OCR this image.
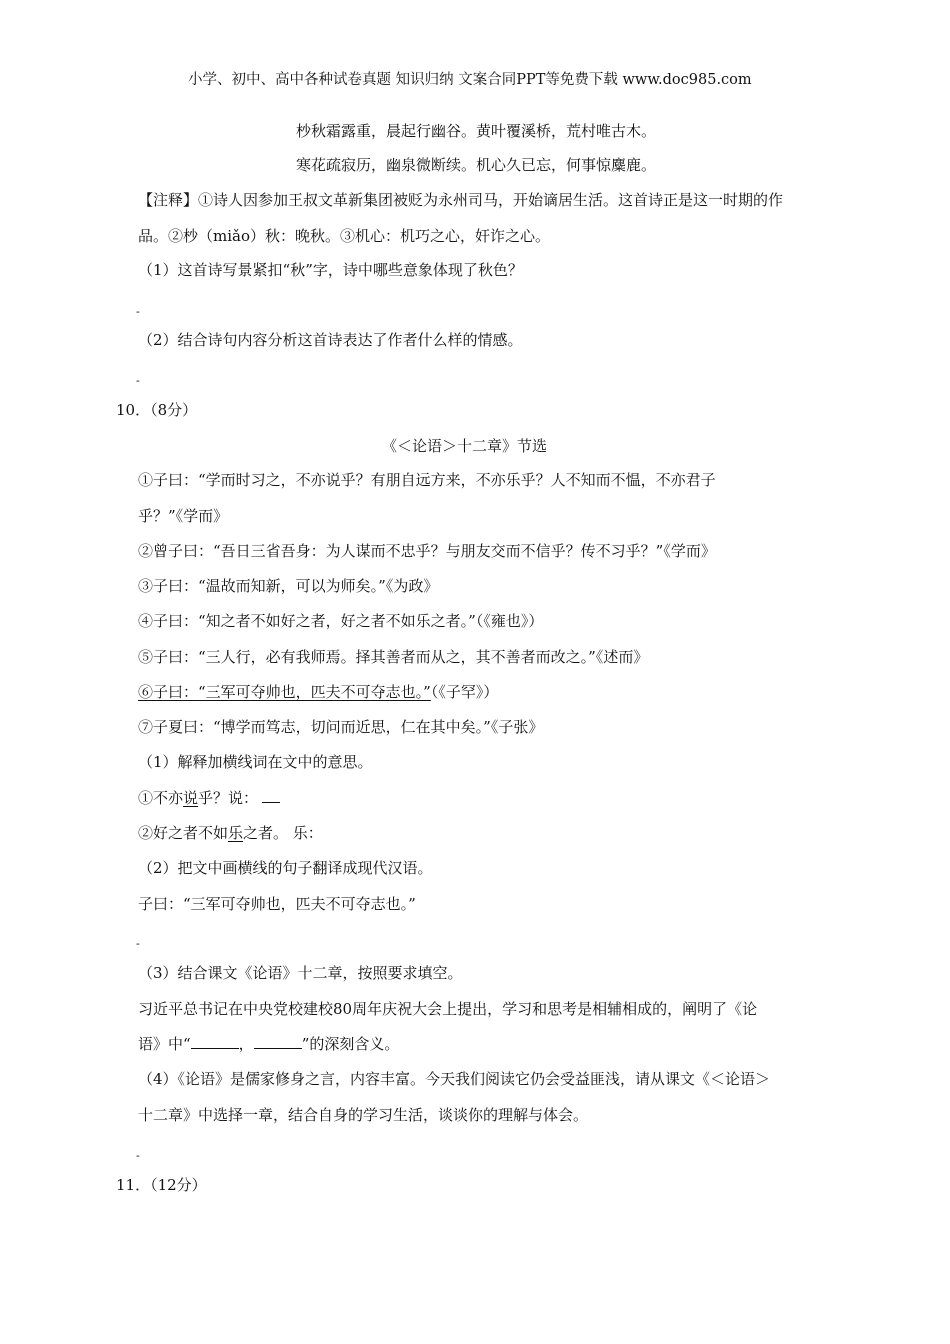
小学、初中、高中各种试卷真题 知识归纳 文案合同PPT等免费下载 www.doc985.com
杪秋霜露重，晨起行幽谷。黄叶覆溪桥，荒村唯古木。
寒花疏寂历，幽泉微断续。机心久已忘，何事惊麋鹿。
【注释】①诗人因参加王叔文革新集团被贬为永州司马，开始谪居生活。这首诗正是这一时期的作
品。②杪（miǎo）秋：晚秋。③机心：机巧之心，奸诈之心。
（1）这首诗写景紧扣“秋”字，诗中哪些意象体现了秋色？
-
（2）结合诗句内容分析这首诗表达了作者什么样的情感。
-
10．（8分）
《＜论语＞十二章》节选
①子曰：“学而时习之，不亦说乎？有朋自远方来，不亦乐乎？人不知而不愠，不亦君子
乎？”《学而》
②曾子曰：“吾日三省吾身：为人谋而不忠乎？与朋友交而不信乎？传不习乎？”《学而》
③子曰：“温故而知新，可以为师矣。”《为政》
④子曰：“知之者不如好之者，好之者不如乐之者。”（《雍也》）
⑤子曰：“三人行，必有我师焉。择其善者而从之，其不善者而改之。”《述而》
⑥子曰：“三军可夺帅也，匹夫不可夺志也。”（《子罕》）
⑦子夏曰：“博学而笃志，切问而近思，仁在其中矣。”《子张》
（1）解释加横线词在文中的意思。
①不亦说乎？说：
②好之者不如乐之者。 乐：
（2）把文中画横线的句子翻译成现代汉语。
子曰：“三军可夺帅也，匹夫不可夺志也。”
-
（3）结合课文《论语》十二章，按照要求填空。
习近平总书记在中央党校建校80周年庆祝大会上提出，学习和思考是相辅相成的，阐明了《论
语》中“	，	”的深刻含义。
（4）《论语》是儒家修身之言，内容丰富。今天我们阅读它仍会受益匪浅，请从课文《＜论语＞
十二章》中选择一章，结合自身的学习生活，谈谈你的理解与体会。
-
11．（12分）
